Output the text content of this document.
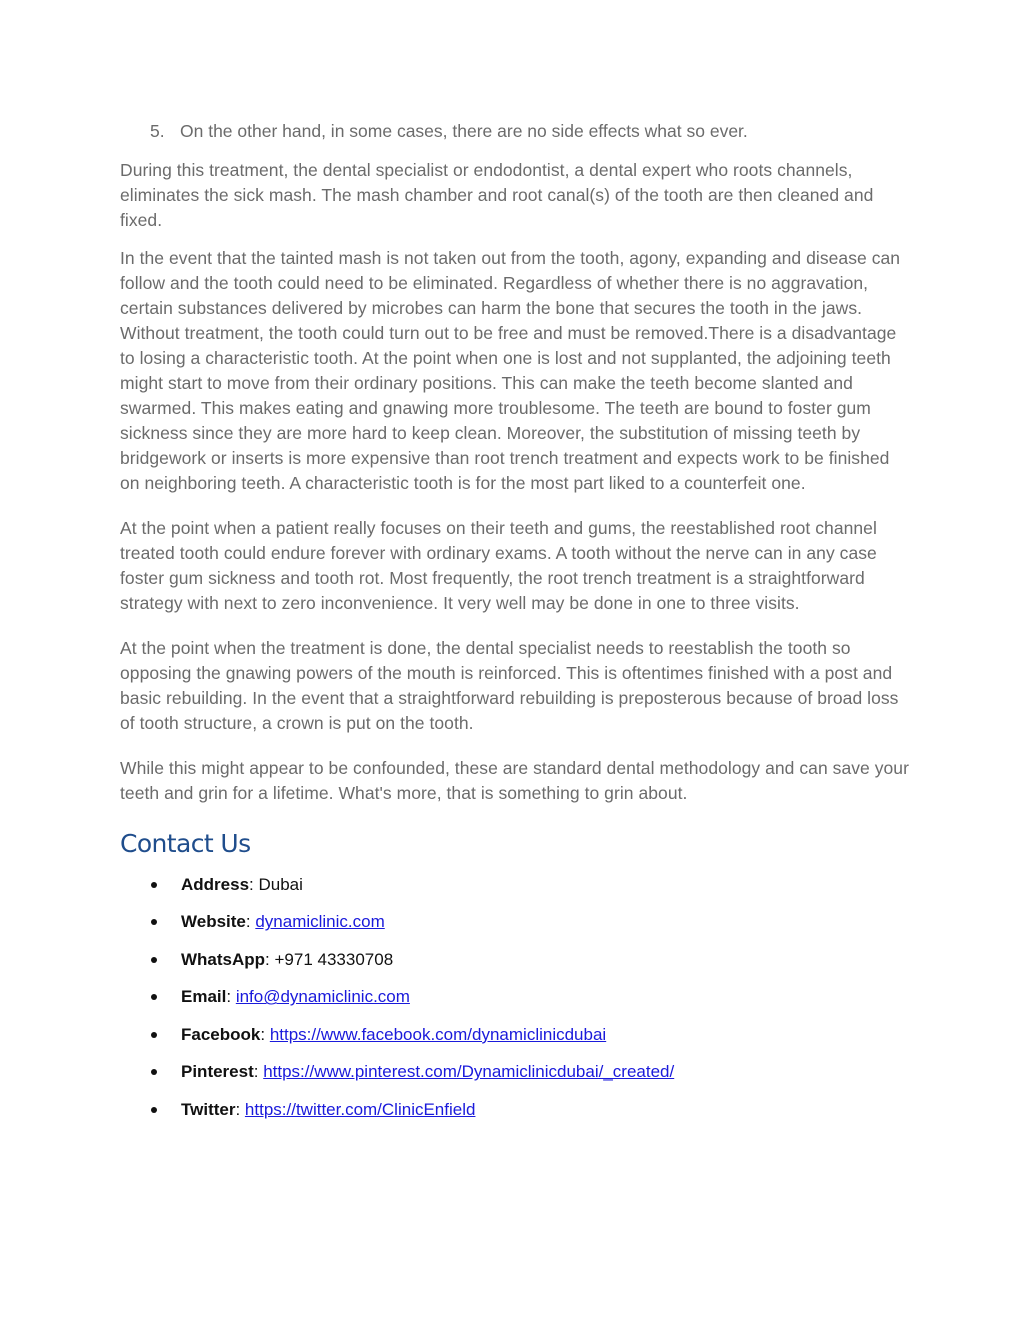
5. On the other hand, in some cases, there are no side effects what so ever.

During this treatment, the dental specialist or endodontist, a dental expert who roots channels, eliminates the sick mash. The mash chamber and root canal(s) of the tooth are then cleaned and fixed.

In the event that the tainted mash is not taken out from the tooth, agony, expanding and disease can follow and the tooth could need to be eliminated. Regardless of whether there is no aggravation, certain substances delivered by microbes can harm the bone that secures the tooth in the jaws. Without treatment, the tooth could turn out to be free and must be removed.There is a disadvantage to losing a characteristic tooth. At the point when one is lost and not supplanted, the adjoining teeth might start to move from their ordinary positions. This can make the teeth become slanted and swarmed. This makes eating and gnawing more troublesome. The teeth are bound to foster gum sickness since they are more hard to keep clean. Moreover, the substitution of missing teeth by bridgework or inserts is more expensive than root trench treatment and expects work to be finished on neighboring teeth. A characteristic tooth is for the most part liked to a counterfeit one.

At the point when a patient really focuses on their teeth and gums, the reestablished root channel treated tooth could endure forever with ordinary exams. A tooth without the nerve can in any case foster gum sickness and tooth rot. Most frequently, the root trench treatment is a straightforward strategy with next to zero inconvenience. It very well may be done in one to three visits.

At the point when the treatment is done, the dental specialist needs to reestablish the tooth so opposing the gnawing powers of the mouth is reinforced. This is oftentimes finished with a post and basic rebuilding. In the event that a straightforward rebuilding is preposterous because of broad loss of tooth structure, a crown is put on the tooth.

While this might appear to be confounded, these are standard dental methodology and can save your teeth and grin for a lifetime. What's more, that is something to grin about.

Contact Us
Address : Dubai
Website : dynamiclinic.com
WhatsApp : +971 43330708
Email : info@dynamiclinic.com
Facebook : https://www.facebook.com/dynamiclinicdubai
Pinterest : https://www.pinterest.com/Dynamiclinicdubai/_created/
Twitter : https://twitter.com/ClinicEnfield
